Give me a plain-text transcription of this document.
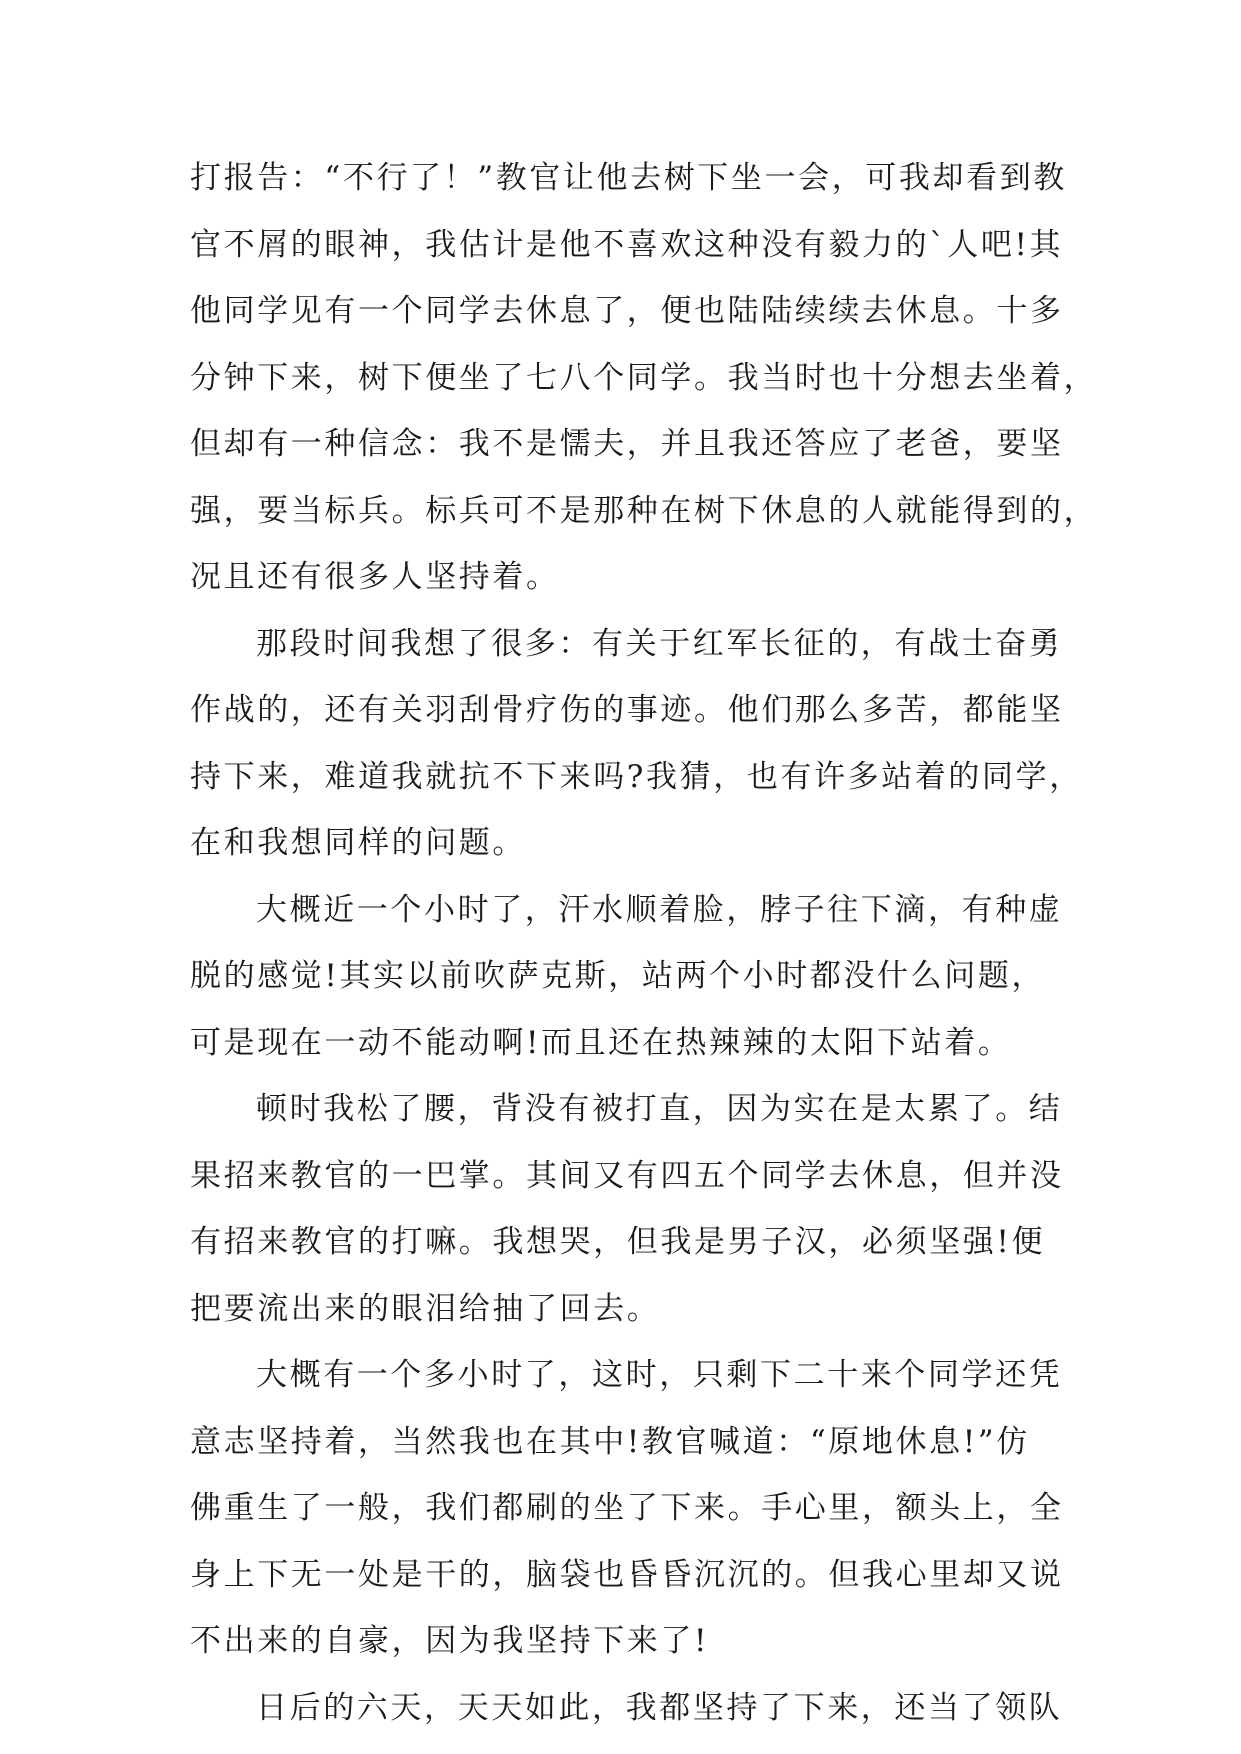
打报告：“不行了！”教官让他去树下坐一会，可我却看到教
官不屑的眼神，我估计是他不喜欢这种没有毅力的`人吧!其
他同学见有一个同学去休息了，便也陆陆续续去休息。十多
分钟下来，树下便坐了七八个同学。我当时也十分想去坐着，
但却有一种信念：我不是懦夫，并且我还答应了老爸，要坚
强，要当标兵。标兵可不是那种在树下休息的人就能得到的，
况且还有很多人坚持着。
那段时间我想了很多：有关于红军长征的，有战士奋勇
作战的，还有关羽刮骨疗伤的事迹。他们那么多苦，都能坚
持下来，难道我就抗不下来吗?我猜，也有许多站着的同学，
在和我想同样的问题。
大概近一个小时了，汗水顺着脸，脖子往下滴，有种虚
脱的感觉!其实以前吹萨克斯，站两个小时都没什么问题，
可是现在一动不能动啊!而且还在热辣辣的太阳下站着。
顿时我松了腰，背没有被打直，因为实在是太累了。结
果招来教官的一巴掌。其间又有四五个同学去休息，但并没
有招来教官的打嘛。我想哭，但我是男子汉，必须坚强!便
把要流出来的眼泪给抽了回去。
大概有一个多小时了，这时，只剩下二十来个同学还凭
意志坚持着，当然我也在其中!教官喊道：“原地休息!”仿
佛重生了一般，我们都刷的坐了下来。手心里，额头上，全
身上下无一处是干的，脑袋也昏昏沉沉的。但我心里却又说
不出来的自豪，因为我坚持下来了!
日后的六天，天天如此，我都坚持了下来，还当了领队
